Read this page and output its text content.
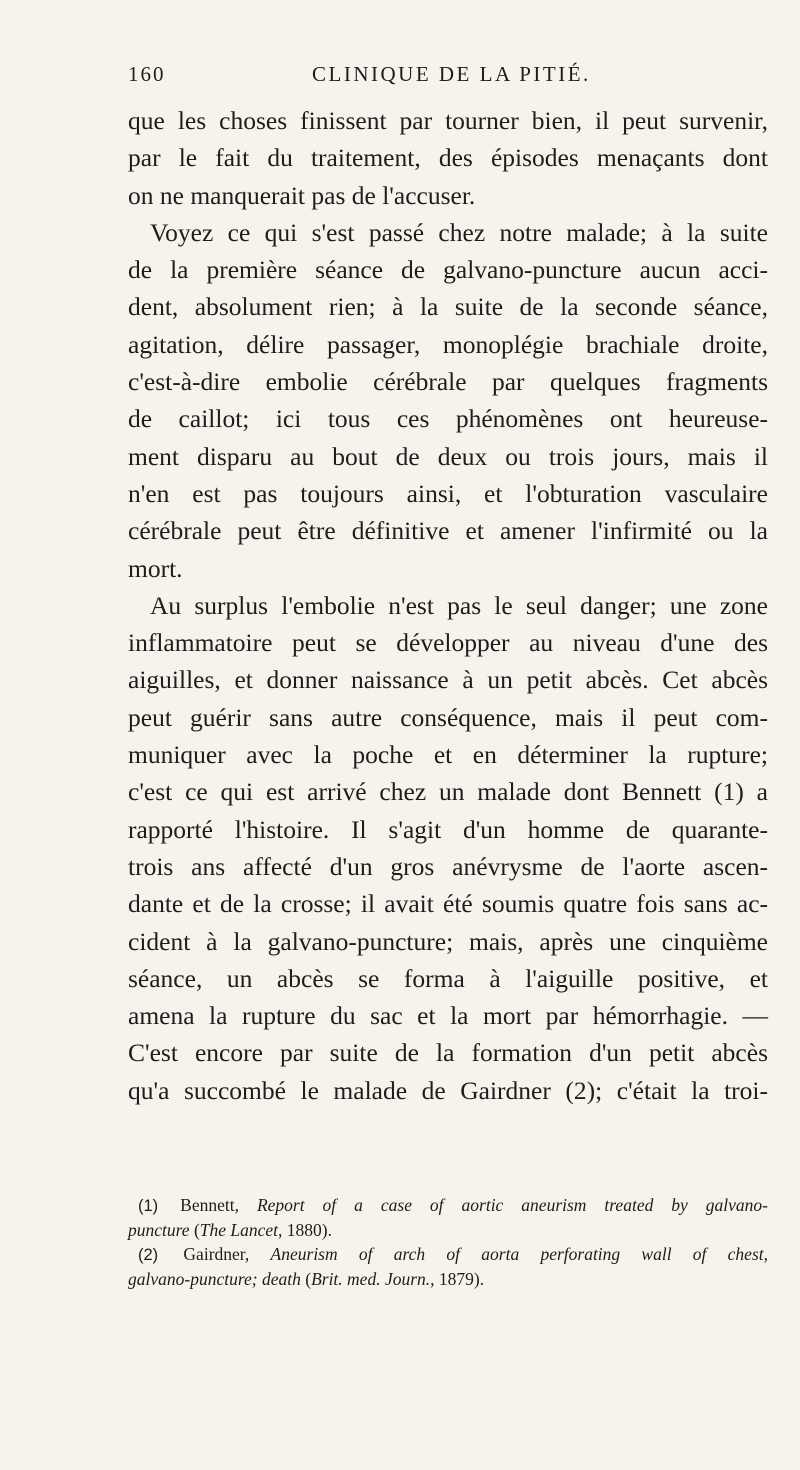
160	CLINIQUE DE LA PITIÉ.
que les choses finissent par tourner bien, il peut survenir,
par le fait du traitement, des épisodes menaçants dont
on ne manquerait pas de l'accuser.
Voyez ce qui s'est passé chez notre malade; à la suite
de la première séance de galvano-puncture aucun acci-
dent, absolument rien; à la suite de la seconde séance,
agitation, délire passager, monoplégie brachiale droite,
c'est-à-dire embolie cérébrale par quelques fragments
de caillot; ici tous ces phénomènes ont heureuse-
ment disparu au bout de deux ou trois jours, mais il
n'en est pas toujours ainsi, et l'obturation vasculaire
cérébrale peut être définitive et amener l'infirmité ou la
mort.
Au surplus l'embolie n'est pas le seul danger; une zone
inflammatoire peut se développer au niveau d'une des
aiguilles, et donner naissance à un petit abcès. Cet abcès
peut guérir sans autre conséquence, mais il peut com-
muniquer avec la poche et en déterminer la rupture;
c'est ce qui est arrivé chez un malade dont Bennett (1) a
rapporté l'histoire. Il s'agit d'un homme de quarante-
trois ans affecté d'un gros anévrysme de l'aorte ascen-
dante et de la crosse; il avait été soumis quatre fois sans ac-
cident à la galvano-puncture; mais, après une cinquième
séance, un abcès se forma à l'aiguille positive, et
amena la rupture du sac et la mort par hémorrhagie. —
C'est encore par suite de la formation d'un petit abcès
qu'a succombé le malade de Gairdner (2); c'était la troi-
(1) Bennett, Report of a case of aortic aneurism treated by galvano-
puncture (The Lancet, 1880).
(2) Gairdner, Aneurism of arch of aorta perforating wall of chest,
galvano-puncture; death (Brit. med. Journ., 1879).
